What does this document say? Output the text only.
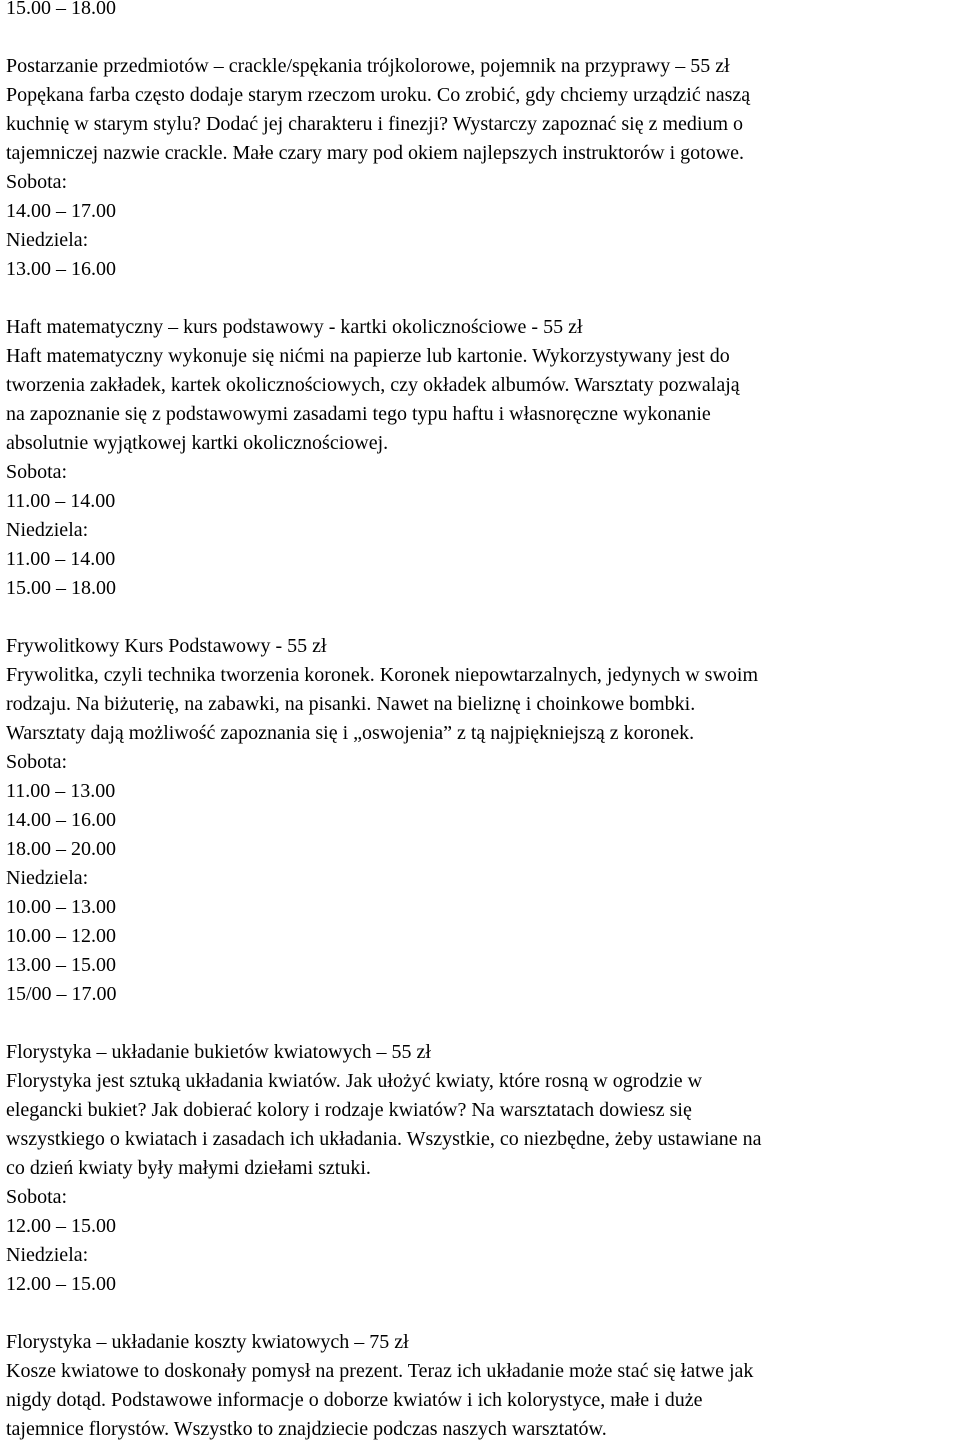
15.00 – 18.00
Postarzanie przedmiotów – crackle/spękania trójkolorowe, pojemnik na przyprawy – 55 zł
Popękana farba często dodaje starym rzeczom uroku. Co zrobić, gdy chciemy urządzić naszą
kuchnię w starym stylu? Dodać jej charakteru i finezji? Wystarczy zapoznać się z medium o
tajemniczej nazwie crackle. Małe czary mary pod okiem najlepszych instruktorów i gotowe.
Sobota:
14.00 – 17.00
Niedziela:
13.00 – 16.00
Haft matematyczny – kurs podstawowy - kartki okolicznościowe - 55 zł
Haft matematyczny wykonuje się nićmi na papierze lub kartonie. Wykorzystywany jest do
tworzenia zakładek, kartek okolicznościowych, czy okładek albumów. Warsztaty pozwalają
na zapoznanie się z podstawowymi zasadami tego typu haftu i własnoręczne wykonanie
absolutnie wyjątkowej kartki okolicznościowej.
Sobota:
11.00 – 14.00
Niedziela:
11.00 – 14.00
15.00 – 18.00
Frywolitkowy Kurs Podstawowy - 55 zł
Frywolitka, czyli technika tworzenia koronek. Koronek niepowtarzalnych, jedynych w swoim
rodzaju. Na biżuterię, na zabawki, na pisanki. Nawet na bieliznę i choinkowe bombki.
Warsztaty dają możliwość zapoznania się i „oswojenia” z tą najpiękniejszą z koronek.
Sobota:
11.00 – 13.00
14.00 – 16.00
18.00 – 20.00
Niedziela:
10.00 – 13.00
10.00 – 12.00
13.00 – 15.00
15/00 – 17.00
Florystyka – układanie bukietów kwiatowych – 55 zł
Florystyka jest sztuką układania kwiatów. Jak ułożyć kwiaty, które rosną w ogrodzie w
elegancki bukiet? Jak dobierać kolory i rodzaje kwiatów? Na warsztatach dowiesz się
wszystkiego o kwiatach i zasadach ich układania. Wszystkie, co niezbędne, żeby ustawiane na
co dzień kwiaty były małymi dziełami sztuki.
Sobota:
12.00 – 15.00
Niedziela:
12.00 – 15.00
Florystyka – układanie koszty kwiatowych – 75 zł
Kosze kwiatowe to doskonały pomysł na prezent. Teraz ich układanie może stać się łatwe jak
nigdy dotąd. Podstawowe informacje o doborze kwiatów i ich kolorystyce, małe i duże
tajemnice florystów. Wszystko to znajdziecie podczas naszych warsztatów.
